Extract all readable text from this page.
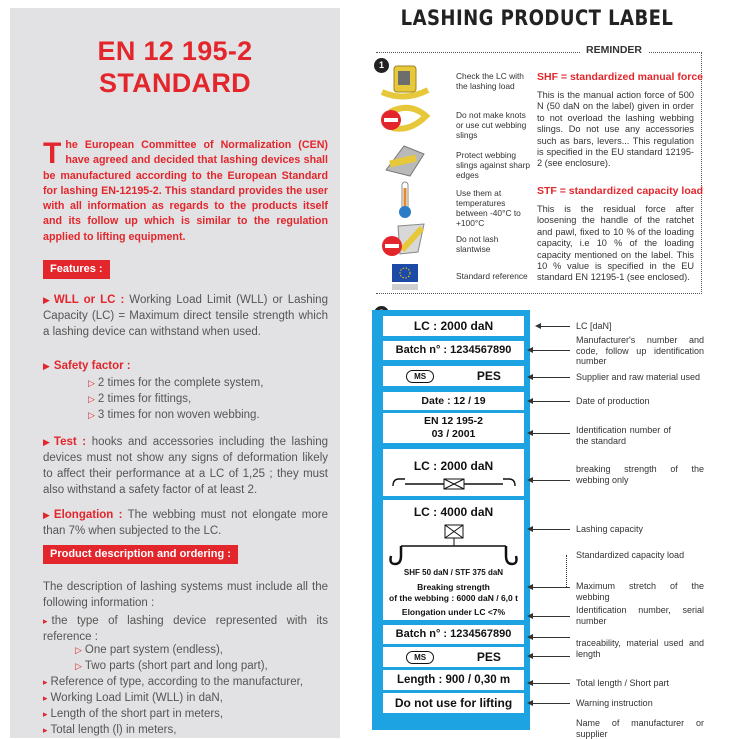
EN 12 195-2
STANDARD
The European Committee of Normalization (CEN) have agreed and decided that lashing devices shall be manufactured according to the European Standard for lashing EN-12195-2. This standard provides the user with all information as regards to the products itself and its follow up which is similar to the regulation applied to lifting equipment.
Features :
▶ WLL or LC : Working Load Limit (WLL) or Lashing Capacity (LC) = Maximum direct tensile strength which a lashing device can withstand when used.
▶ Safety factor :
▷ 2 times for the complete system,
▷ 2 times for fittings,
▷ 3 times for non woven webbing.
▶ Test : hooks and accessories including the lashing devices must not show any signs of deformation likely to affect their performance at a LC of 1,25 ; they must also withstand a safety factor of at least 2.
▶ Elongation : The webbing must not elongate more than 7% when subjected to the LC.
Product description and ordering :
The description of lashing systems must include all the following information :
▸ the type of lashing device represented with its reference :
▷ One part system (endless),
▷ Two parts (short part and long part),
▸ Reference of type, according to the manufacturer,
▸ Working Load Limit (WLL) in daN,
▸ Length of the short part in meters,
▸ Total length (l) in meters,
LASHING PRODUCT LABEL
REMINDER
1
Check the LC with the lashing load
Do not make knots or use cut webbing slings
Protect webbing slings against sharp edges
Use them at temperatures between -40°C to +100°C
Do not lash slantwise
Standard reference
SHF = standardized manual force
This is the manual action force of 500 N (50 daN on the label) given in order to not overload the lashing webbing slings. Do not use any accessories such as bars, levers... This regulation is specified in the EU standard 12195-2 (see enclosure).
STF = standardized capacity load
This is the residual force after loosening the handle of the ratchet and pawl, fixed to 10 % of the loading capacity, i.e 10 % of the loading capacity mentioned on the label. This 10 % value is specified in the EU standard EN 12195-1 (see enclosed).
LC : 2000 daN
Batch n° : 1234567890
MS	PES
Date : 12 / 19
EN 12 195-2
03 / 2001
LC : 2000 daN
LC : 4000 daN
SHF 50 daN / STF 375 daN
Breaking strength
of the webbing : 6000 daN / 6,0 t
Elongation under LC <7%
Batch n° : 1234567890
MS	PES
Length : 900 / 0,30 m
Do not use for lifting
LC [daN]
Manufacturer's number and code, follow up identification number
Supplier and raw material used
Date of production
Identification number of the standard
breaking strength of the webbing only
Lashing capacity
Standardized capacity load
Maximum stretch of the webbing
Identification number, serial number
traceability, material used and length
Total length / Short part
Warning instruction
Name of manufacturer or supplier
